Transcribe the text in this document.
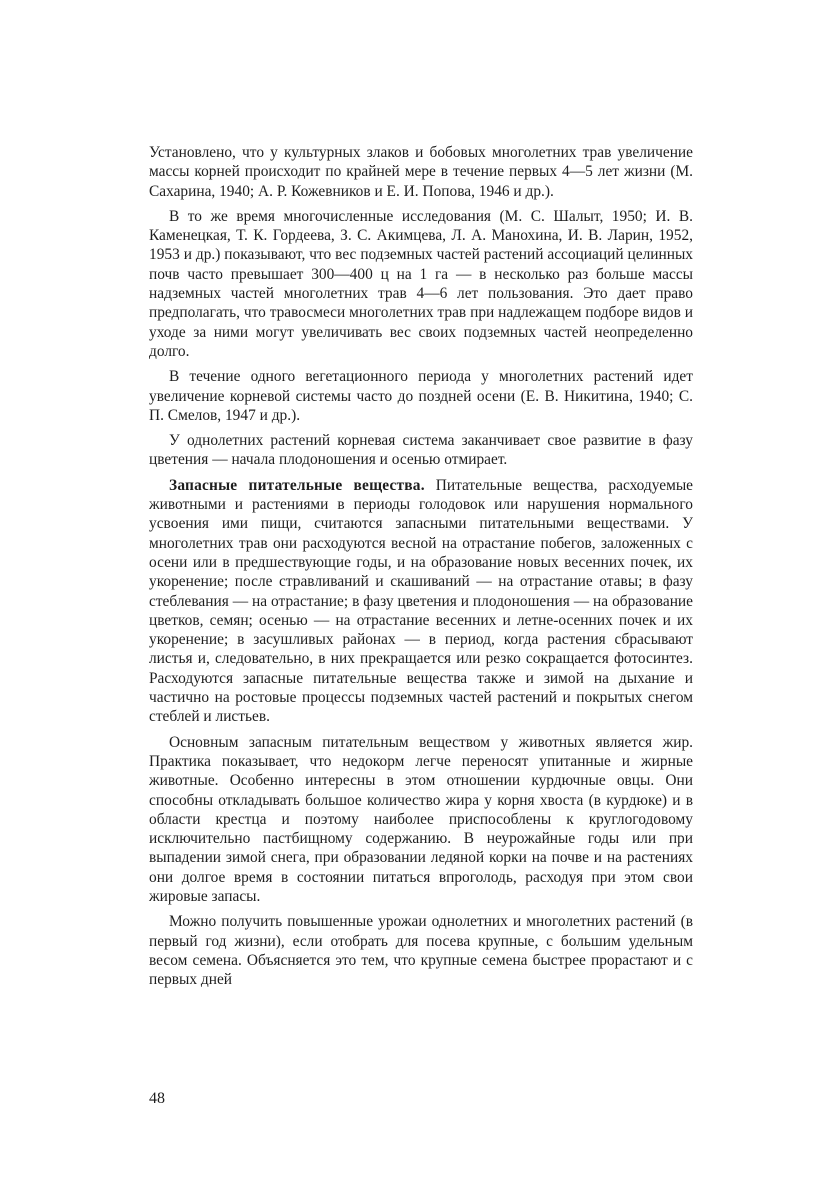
Установлено, что у культурных злаков и бобовых многолетних трав увеличение массы корней происходит по крайней мере в течение первых 4—5 лет жизни (М. Сахарина, 1940; А. Р. Кожевников и Е. И. Попова, 1946 и др.).

В то же время многочисленные исследования (М. С. Шалыт, 1950; И. В. Каменецкая, Т. К. Гордеева, З. С. Акимцева, Л. А. Манохина, И. В. Ларин, 1952, 1953 и др.) показывают, что вес подземных частей растений ассоциаций целинных почв часто превышает 300—400 ц на 1 га — в несколько раз больше массы надземных частей многолетних трав 4—6 лет пользования. Это дает право предполагать, что травосмеси многолетних трав при надлежащем подборе видов и уходе за ними могут увеличивать вес своих подземных частей неопределенно долго.

В течение одного вегетационного периода у многолетних растений идет увеличение корневой системы часто до поздней осени (Е. В. Никитина, 1940; С. П. Смелов, 1947 и др.).

У однолетних растений корневая система заканчивает свое развитие в фазу цветения — начала плодоношения и осенью отмирает.

Запасные питательные вещества. Питательные вещества, расходуемые животными и растениями в периоды голодовок или нарушения нормального усвоения ими пищи, считаются запасными питательными веществами. У многолетних трав они расходуются весной на отрастание побегов, заложенных с осени или в предшествующие годы, и на образование новых весенних почек, их укоренение; после стравливаний и скашиваний — на отрастание отавы; в фазу стеблевания — на отрастание; в фазу цветения и плодоношения — на образование цветков, семян; осенью — на отрастание весенних и летне-осенних почек и их укоренение; в засушливых районах — в период, когда растения сбрасывают листья и, следовательно, в них прекращается или резко сокращается фотосинтез. Расходуются запасные питательные вещества также и зимой на дыхание и частично на ростовые процессы подземных частей растений и покрытых снегом стеблей и листьев.

Основным запасным питательным веществом у животных является жир. Практика показывает, что недокорм легче переносят упитанные и жирные животные. Особенно интересны в этом отношении курдючные овцы. Они способны откладывать большое количество жира у корня хвоста (в курдюке) и в области крестца и поэтому наиболее приспособлены к круглогодовому исключительно пастбищному содержанию. В неурожайные годы или при выпадении зимой снега, при образовании ледяной корки на почве и на растениях они долгое время в состоянии питаться впроголодь, расходуя при этом свои жировые запасы.

Можно получить повышенные урожаи однолетних и многолетних растений (в первый год жизни), если отобрать для посева крупные, с большим удельным весом семена. Объясняется это тем, что крупные семена быстрее прорастают и с первых дней

48
